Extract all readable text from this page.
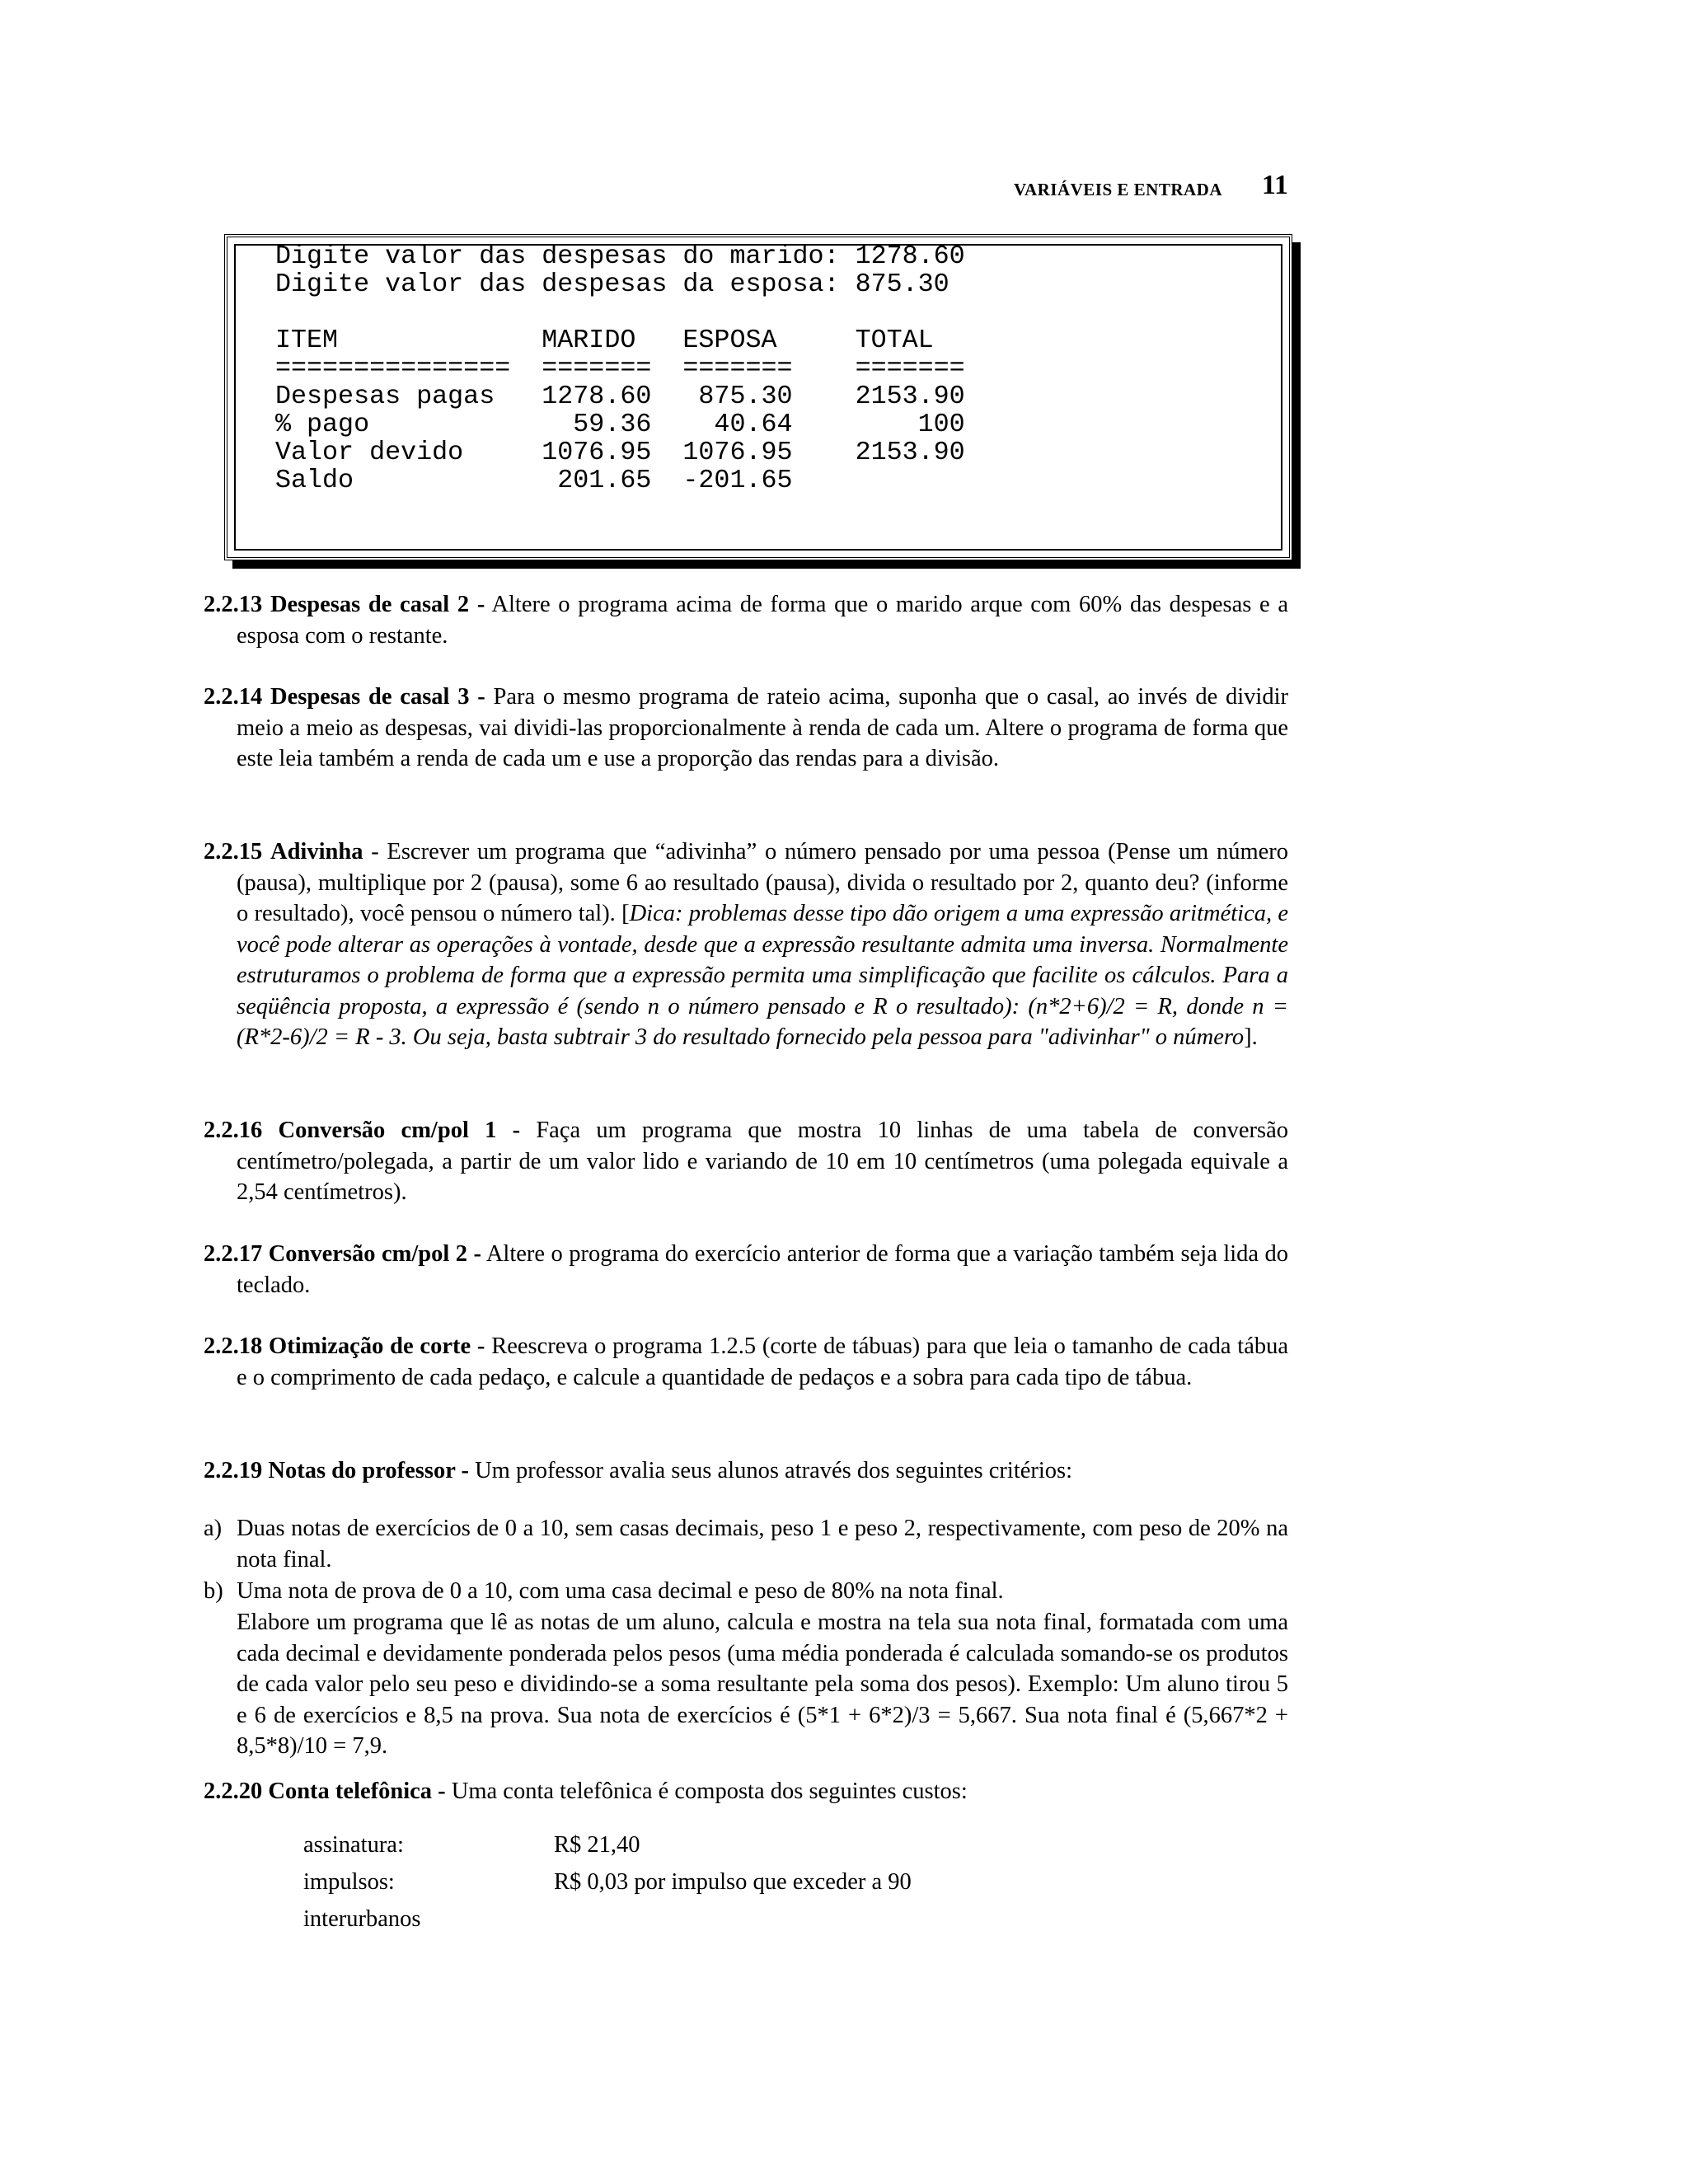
VARIÁVEIS E ENTRADA 11
Digite valor das despesas do marido: 1278.60
Digite valor das despesas da esposa: 875.30
ITEM             MARIDO   ESPOSA     TOTAL
===============  =======  =======    =======
Despesas pagas   1278.60   875.30    2153.90
% pago             59.36    40.64        100
Valor devido     1076.95  1076.95    2153.90
Saldo             201.65  -201.65

2.2.13 Despesas de casal 2 - Altere o programa acima de forma que o marido arque com 60% das despesas e a esposa com o restante.

2.2.14 Despesas de casal 3 - Para o mesmo programa de rateio acima, suponha que o casal, ao invés de dividir meio a meio as despesas, vai dividi-las proporcionalmente à renda de cada um. Altere o programa de forma que este leia também a renda de cada um e use a proporção das rendas para a divisão.

2.2.15 Adivinha - Escrever um programa que “adivinha” o número pensado por uma pessoa (Pense um número (pausa), multiplique por 2 (pausa), some 6 ao resultado (pausa), divida o resultado por 2, quanto deu? (informe o resultado), você pensou o número tal). [Dica: problemas desse tipo dão origem a uma expressão aritmética, e você pode alterar as operações à vontade, desde que a expressão resultante admita uma inversa. Normalmente estruturamos o problema de forma que a expressão permita uma simplificação que facilite os cálculos. Para a seqüência proposta, a expressão é (sendo n o número pensado e R o resultado): (n*2+6)/2 = R, donde n = (R*2-6)/2 = R - 3. Ou seja, basta subtrair 3 do resultado fornecido pela pessoa para "adivinhar" o número].

2.2.16 Conversão cm/pol 1 - Faça um programa que mostra 10 linhas de uma tabela de conversão centímetro/polegada, a partir de um valor lido e variando de 10 em 10 centímetros (uma polegada equivale a 2,54 centímetros).

2.2.17 Conversão cm/pol 2 - Altere o programa do exercício anterior de forma que a variação também seja lida do teclado.

2.2.18 Otimização de corte - Reescreva o programa 1.2.5 (corte de tábuas) para que leia o tamanho de cada tábua e o comprimento de cada pedaço, e calcule a quantidade de pedaços e a sobra para cada tipo de tábua.

2.2.19 Notas do professor - Um professor avalia seus alunos através dos seguintes critérios:

a) Duas notas de exercícios de 0 a 10, sem casas decimais, peso 1 e peso 2, respectivamente, com peso de 20% na nota final.
b) Uma nota de prova de 0 a 10, com uma casa decimal e peso de 80% na nota final.
Elabore um programa que lê as notas de um aluno, calcula e mostra na tela sua nota final, formatada com uma cada decimal e devidamente ponderada pelos pesos (uma média ponderada é calculada somando-se os produtos de cada valor pelo seu peso e dividindo-se a soma resultante pela soma dos pesos). Exemplo: Um aluno tirou 5 e 6 de exercícios e 8,5 na prova. Sua nota de exercícios é (5*1 + 6*2)/3 = 5,667. Sua nota final é (5,667*2 + 8,5*8)/10 = 7,9.

2.2.20 Conta telefônica - Uma conta telefônica é composta dos seguintes custos:

assinatura:	R$ 21,40
impulsos:	R$ 0,03 por impulso que exceder a 90
interurbanos
